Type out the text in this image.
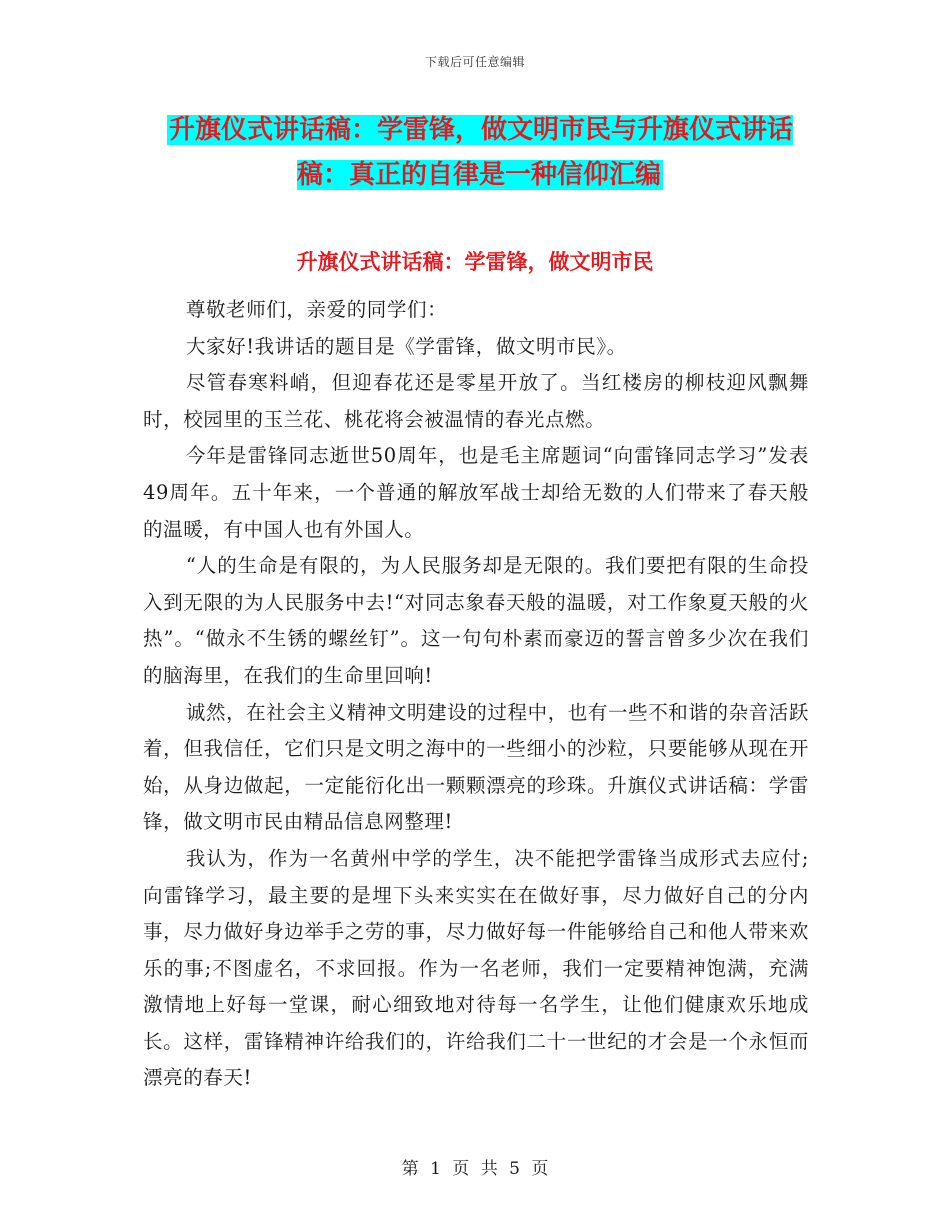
下载后可任意编辑
升旗仪式讲话稿：学雷锋，做文明市民与升旗仪式讲话稿：真正的自律是一种信仰汇编
升旗仪式讲话稿：学雷锋，做文明市民

尊敬老师们，亲爱的同学们：

大家好!我讲话的题目是《学雷锋，做文明市民》。

尽管春寒料峭，但迎春花还是零星开放了。当红楼房的柳枝迎风飘舞时，校园里的玉兰花、桃花将会被温情的春光点燃。

今年是雷锋同志逝世50周年，也是毛主席题词“向雷锋同志学习”发表49周年。五十年来，一个普通的解放军战士却给无数的人们带来了春天般的温暖，有中国人也有外国人。

“人的生命是有限的，为人民服务却是无限的。我们要把有限的生命投入到无限的为人民服务中去!“对同志象春天般的温暖，对工作象夏天般的火热”。“做永不生锈的螺丝钉”。这一句句朴素而豪迈的誓言曾多少次在我们的脑海里，在我们的生命里回响!

诚然，在社会主义精神文明建设的过程中，也有一些不和谐的杂音活跃着，但我信任，它们只是文明之海中的一些细小的沙粒，只要能够从现在开始，从身边做起，一定能衍化出一颗颗漂亮的珍珠。升旗仪式讲话稿：学雷锋，做文明市民由精品信息网整理!

我认为，作为一名黄州中学的学生，决不能把学雷锋当成形式去应付;向雷锋学习，最主要的是埋下头来实实在在做好事，尽力做好自己的分内事，尽力做好身边举手之劳的事，尽力做好每一件能够给自己和他人带来欢乐的事;不图虚名，不求回报。作为一名老师，我们一定要精神饱满，充满激情地上好每一堂课，耐心细致地对待每一名学生，让他们健康欢乐地成长。这样，雷锋精神许给我们的，许给我们二十一世纪的才会是一个永恒而漂亮的春天!

第 1 页 共 5 页
